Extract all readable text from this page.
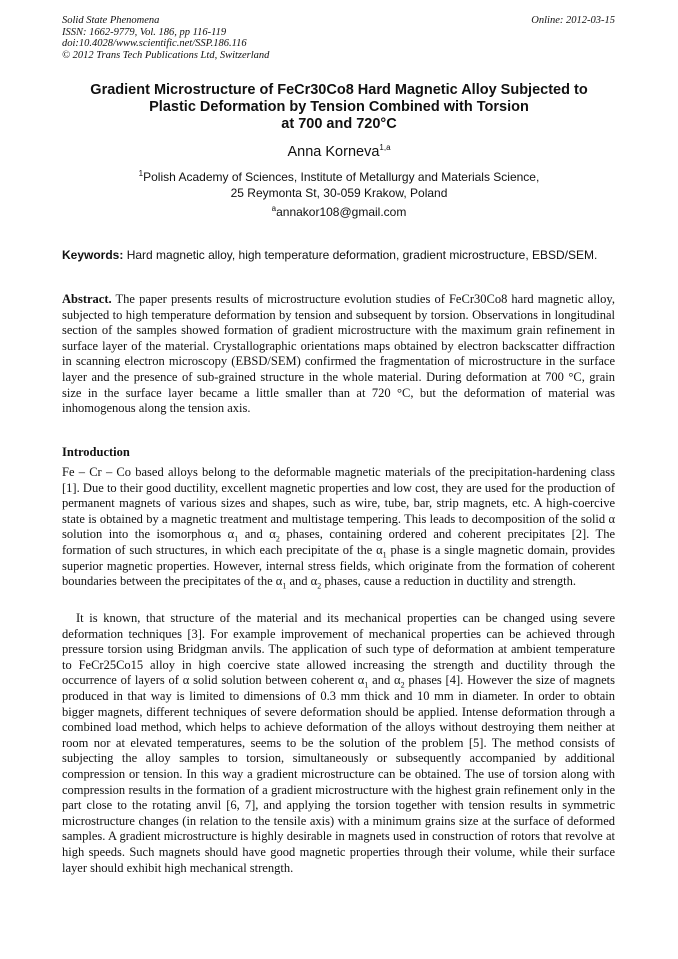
Solid State Phenomena
ISSN: 1662-9779, Vol. 186, pp 116-119
doi:10.4028/www.scientific.net/SSP.186.116
© 2012 Trans Tech Publications Ltd, Switzerland
Online: 2012-03-15
Gradient Microstructure of FeCr30Co8 Hard Magnetic Alloy Subjected to
Plastic Deformation by Tension Combined with Torsion
at 700 and 720°C
Anna Korneva$^{1,a}$
$^1$Polish Academy of Sciences, Institute of Metallurgy and Materials Science,
25 Reymonta St, 30-059 Krakow, Poland
$^a$annakor108@gmail.com
Keywords: Hard magnetic alloy, high temperature deformation, gradient microstructure, EBSD/SEM.
Abstract. The paper presents results of microstructure evolution studies of FeCr30Co8 hard magnetic alloy, subjected to high temperature deformation by tension and subsequent by torsion. Observations in longitudinal section of the samples showed formation of gradient microstructure with the maximum grain refinement in surface layer of the material. Crystallographic orientations maps obtained by electron backscatter diffraction in scanning electron microscopy (EBSD/SEM) confirmed the fragmentation of microstructure in the surface layer and the presence of sub-grained structure in the whole material. During deformation at 700 °C, grain size in the surface layer became a little smaller than at 720 °C, but the deformation of material was inhomogenous along the tension axis.
Introduction
Fe – Cr – Co based alloys belong to the deformable magnetic materials of the precipitation-hardening class [1]. Due to their good ductility, excellent magnetic properties and low cost, they are used for the production of permanent magnets of various sizes and shapes, such as wire, tube, bar, strip magnets, etc. A high-coercive state is obtained by a magnetic treatment and multistage tempering. This leads to decomposition of the solid α solution into the isomorphous $\alpha_1$ and $\alpha_2$ phases, containing ordered and coherent precipitates [2]. The formation of such structures, in which each precipitate of the $\alpha_1$ phase is a single magnetic domain, provides superior magnetic properties. However, internal stress fields, which originate from the formation of coherent boundaries between the precipitates of the $\alpha_1$ and $\alpha_2$ phases, cause a reduction in ductility and strength.
It is known, that structure of the material and its mechanical properties can be changed using severe deformation techniques [3]. For example improvement of mechanical properties can be achieved through pressure torsion using Bridgman anvils. The application of such type of deformation at ambient temperature to FeCr25Co15 alloy in high coercive state allowed increasing the strength and ductility through the occurrence of layers of α solid solution between coherent $\alpha_1$ and $\alpha_2$ phases [4]. However the size of magnets produced in that way is limited to dimensions of 0.3 mm thick and 10 mm in diameter. In order to obtain bigger magnets, different techniques of severe deformation should be applied. Intense deformation through a combined load method, which helps to achieve deformation of the alloys without destroying them neither at room nor at elevated temperatures, seems to be the solution of the problem [5]. The method consists of subjecting the alloy samples to torsion, simultaneously or subsequently accompanied by additional compression or tension. In this way a gradient microstructure can be obtained. The use of torsion along with compression results in the formation of a gradient microstructure with the highest grain refinement only in the part close to the rotating anvil [6, 7], and applying the torsion together with tension results in symmetric microstructure changes (in relation to the tensile axis) with a minimum grains size at the surface of deformed samples. A gradient microstructure is highly desirable in magnets used in construction of rotors that revolve at high speeds. Such magnets should have good magnetic properties through their volume, while their surface layer should exhibit high mechanical strength.
